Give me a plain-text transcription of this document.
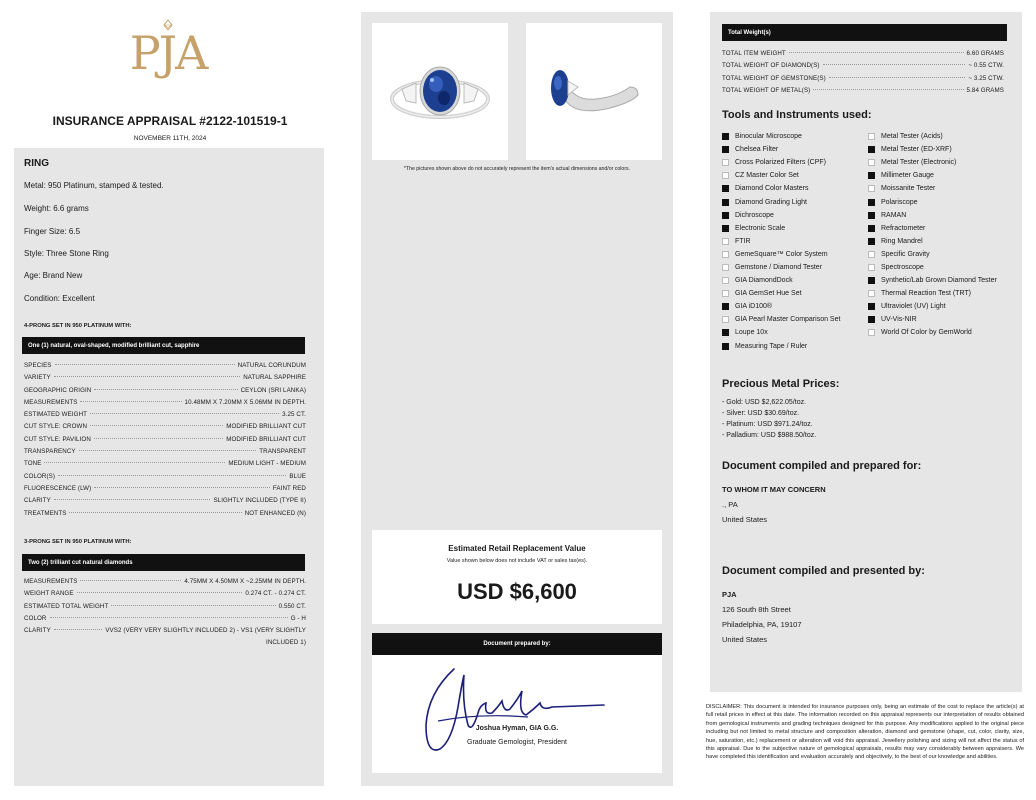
PJA
INSURANCE APPRAISAL #2122-101519-1
NOVEMBER 11TH, 2024
RING
Metal: 950 Platinum, stamped & tested.
Weight: 6.6 grams
Finger Size: 6.5
Style: Three Stone Ring
Age: Brand New
Condition: Excellent
4-PRONG SET IN 950 PLATINUM WITH:
One (1) natural, oval-shaped, modified brilliant cut, sapphire
SPECIES	NATURAL CORUNDUM
VARIETY	NATURAL SAPPHIRE
GEOGRAPHIC ORIGIN	CEYLON (SRI LANKA)
MEASUREMENTS	10.48MM X 7.20MM X 5.06MM IN DEPTH.
ESTIMATED WEIGHT	3.25 CT.
CUT STYLE: CROWN	MODIFIED BRILLIANT CUT
CUT STYLE: PAVILION	MODIFIED BRILLIANT CUT
TRANSPARENCY	TRANSPARENT
TONE	MEDIUM LIGHT - MEDIUM
COLOR(S)	BLUE
FLUORESCENCE (LW)	FAINT RED
CLARITY	SLIGHTLY INCLUDED (TYPE II)
TREATMENTS	NOT ENHANCED (N)
3-PRONG SET IN 950 PLATINUM WITH:
Two (2) trilliant cut natural diamonds
MEASUREMENTS	4.75MM X 4.50MM X ~2.25MM IN DEPTH.
WEIGHT RANGE	0.274 CT. - 0.274 CT.
ESTIMATED TOTAL WEIGHT	0.550 CT.
COLOR	G - H
CLARITY	VVS2 (VERY VERY SLIGHTLY INCLUDED 2) - VS1 (VERY SLIGHTLY
INCLUDED 1)
*The pictures shown above do not accurately represent the item's actual dimensions and/or colors.
Estimated Retail Replacement Value
Value shown below does not include VAT or sales tax(es).
USD $6,600
Document prepared by:
Joshua Hyman, GIA G.G.
Graduate Gemologist, President
Total Weight(s)
TOTAL ITEM WEIGHT	6.60 GRAMS
TOTAL WEIGHT OF DIAMOND(S)	~ 0.55 CTW.
TOTAL WEIGHT OF GEMSTONE(S)	~ 3.25 CTW.
TOTAL WEIGHT OF METAL(S)	5.84 GRAMS
Tools and Instruments used:
Binocular Microscope
Chelsea Filter
Cross Polarized Filters (CPF)
CZ Master Color Set
Diamond Color Masters
Diamond Grading Light
Dichroscope
Electronic Scale
FTIR
GemeSquare™ Color System
Gemstone / Diamond Tester
GIA DiamondDock
GIA GemSet Hue Set
GIA iD100®
GIA Pearl Master Comparison Set
Loupe 10x
Measuring Tape / Ruler
Metal Tester (Acids)
Metal Tester (ED-XRF)
Metal Tester (Electronic)
Millimeter Gauge
Moissanite Tester
Polariscope
RAMAN
Refractometer
Ring Mandrel
Specific Gravity
Spectroscope
Synthetic/Lab Grown Diamond Tester
Thermal Reaction Test (TRT)
Ultraviolet (UV) Light
UV-Vis-NIR
World Of Color by GemWorld
Precious Metal Prices:
- Gold: USD $2,622.05/toz.
- Silver: USD $30.69/toz.
- Platinum: USD $971.24/toz.
- Palladium: USD $988.50/toz.
Document compiled and prepared for:
TO WHOM IT MAY CONCERN
., PA
United States
Document compiled and presented by:
PJA
126 South 8th Street
Philadelphia, PA, 19107
United States
DISCLAIMER: This document is intended for insurance purposes only, being an estimate of the cost to replace the article(s) at full retail prices in effect at this date. The information recorded on this appraisal represents our interpretation of results obtained from gemological instruments and grading techniques designed for this purpose. Any modifications applied to the original piece including but not limited to metal structure and composition alteration, diamond and gemstone (shape, cut, color, clarity, size, hue, saturation, etc.) replacement or alteration will void this appraisal. Jewellery polishing and sizing will not affect the status of this appraisal. Due to the subjective nature of gemological appraisals, results may vary considerably between appraisers. We have completed this identification and evaluation accurately and objectively, to the best of our knowledge and abilities.
